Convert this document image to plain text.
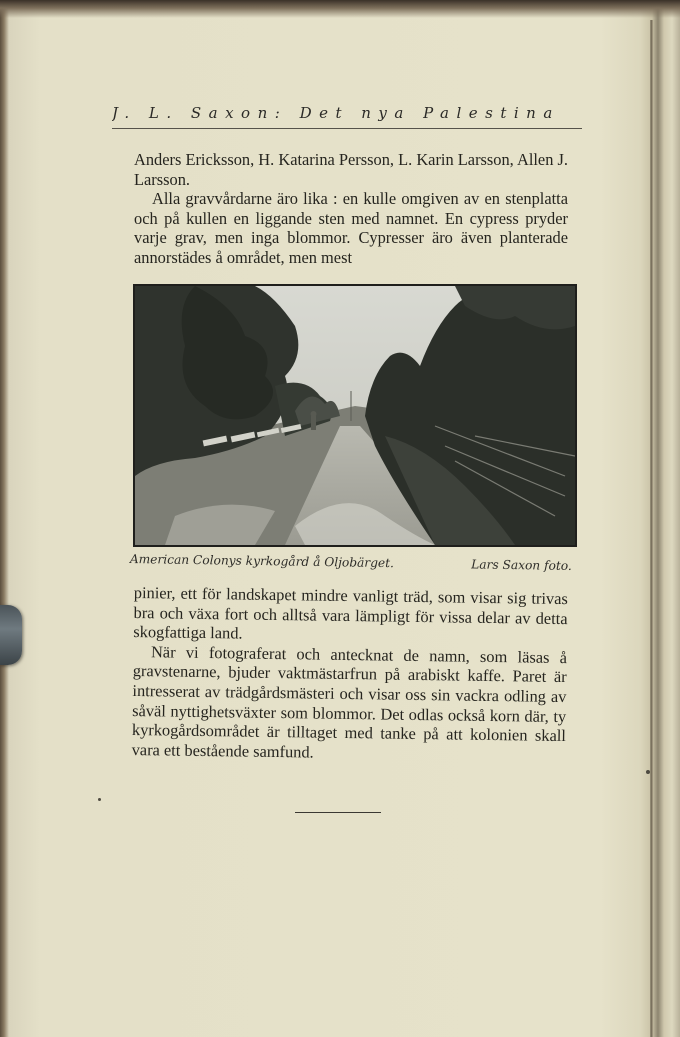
J. L. Saxon: Det nya Palestina

Anders Ericksson, H. Katarina Persson, L. Karin Larsson, Allen J. Larsson.

Alla gravvårdarne äro lika : en kulle omgiven av en stenplatta och på kullen en liggande sten med namnet. En cypress pryder varje grav, men inga blommor. Cypresser äro även planterade annorstädes å området, men mest

American Colonys kyrkogård å Oljobärget.	Lars Saxon foto.

pinier, ett för landskapet mindre vanligt träd, som visar sig trivas bra och växa fort och alltså vara lämpligt för vissa delar av detta skogfattiga land.

När vi fotograferat och antecknat de namn, som läsas å gravstenarne, bjuder vaktmästarfrun på arabiskt kaffe. Paret är intresserat av trädgårdsmästeri och visar oss sin vackra odling av såväl nyttighetsväxter som blommor. Det odlas också korn där, ty kyrkogårdsområdet är tilltaget med tanke på att kolonien skall vara ett bestående samfund.
